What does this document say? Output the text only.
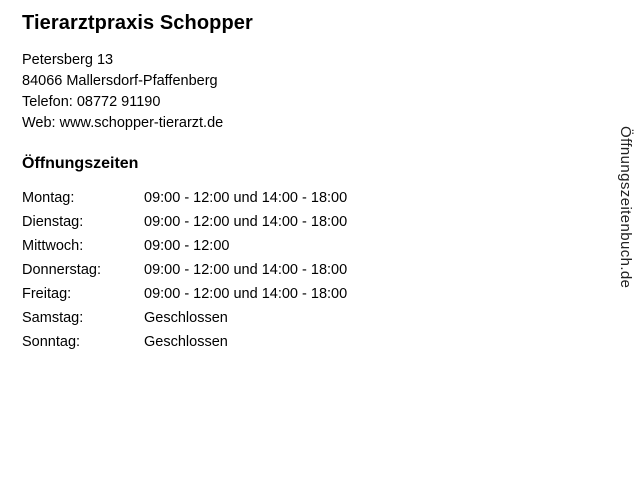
Tierarztpraxis Schopper
Petersberg 13
84066 Mallersdorf-Pfaffenberg
Telefon: 08772 91190
Web: www.schopper-tierarzt.de
Öffnungszeiten
Montag:	09:00 - 12:00 und 14:00 - 18:00
Dienstag:	09:00 - 12:00 und 14:00 - 18:00
Mittwoch:	09:00 - 12:00
Donnerstag:	09:00 - 12:00 und 14:00 - 18:00
Freitag:	09:00 - 12:00 und 14:00 - 18:00
Samstag:	Geschlossen
Sonntag:	Geschlossen
Öffnungszeitenbuch.de
